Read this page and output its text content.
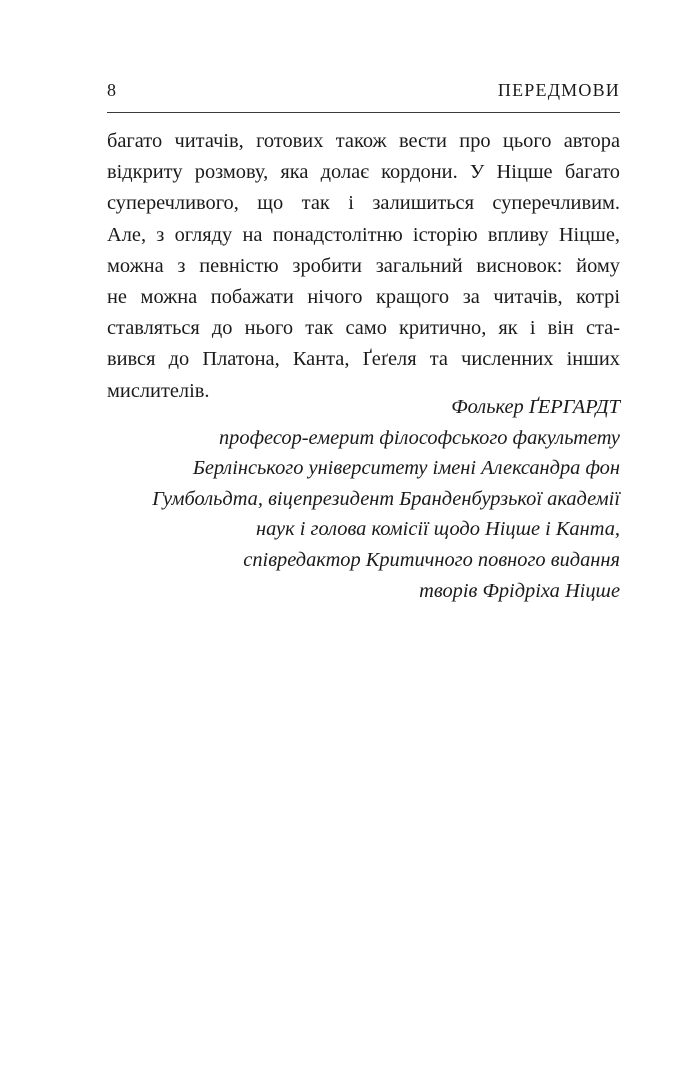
8	ПЕРЕДМОВИ

багато читачів, готових також вести про цього автора
відкриту розмову, яка долає кордони. У Ніцше багато
суперечливого, що так і залишиться суперечливим.
Але, з огляду на понадстолітню історію впливу Ніцше,
можна з певністю зробити загальний висновок: йому
не можна побажати нічого кращого за читачів, котрі
ставляться до нього так само критично, як і він ста-
вився до Платона, Канта, Ґеґеля та численних інших
мислителів.

Фолькер ҐЕРГАРДТ
професор-емерит філософського факультету
Берлінського університету імені Александра фон
Гумбольдта, віцепрезидент Бранденбурзької академії
наук і голова комісії щодо Ніцше і Канта,
співредактор Критичного повного видання
творів Фрідріха Ніцше
